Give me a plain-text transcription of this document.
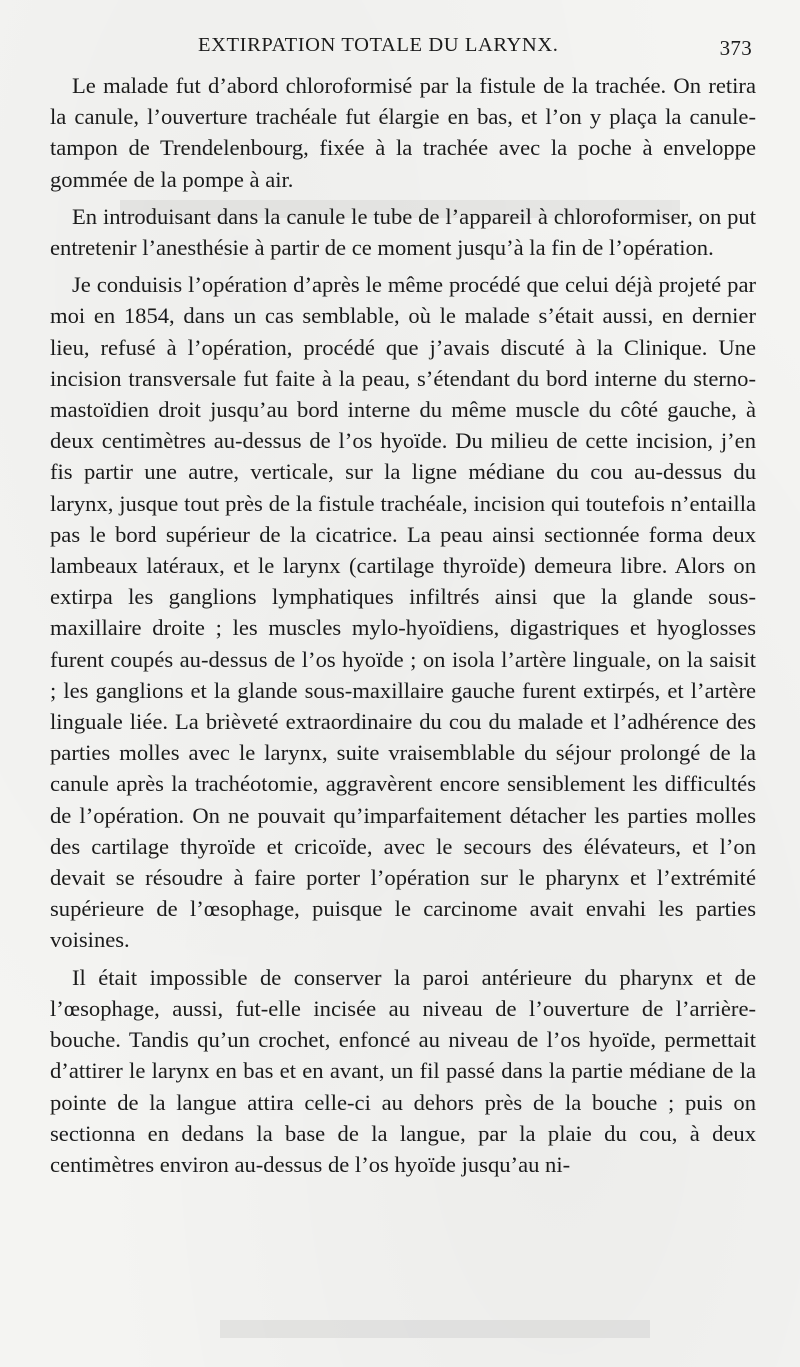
EXTIRPATION TOTALE DU LARYNX.	373

Le malade fut d’abord chloroformisé par la fistule de la trachée. On retira la canule, l’ouverture trachéale fut élargie en bas, et l’on y plaça la canule-tampon de Trendelenbourg, fixée à la trachée avec la poche à enveloppe gommée de la pompe à air.

En introduisant dans la canule le tube de l’appareil à chloroformiser, on put entretenir l’anesthésie à partir de ce moment jusqu’à la fin de l’opération.

Je conduisis l’opération d’après le même procédé que celui déjà projeté par moi en 1854, dans un cas semblable, où le malade s’était aussi, en dernier lieu, refusé à l’opération, procédé que j’avais discuté à la Clinique. Une incision transversale fut faite à la peau, s’étendant du bord interne du sterno-mastoïdien droit jusqu’au bord interne du même muscle du côté gauche, à deux centimètres au-dessus de l’os hyoïde. Du milieu de cette incision, j’en fis partir une autre, verticale, sur la ligne médiane du cou au-dessus du larynx, jusque tout près de la fistule trachéale, incision qui toutefois n’entailla pas le bord supérieur de la cicatrice. La peau ainsi sectionnée forma deux lambeaux latéraux, et le larynx (cartilage thyroïde) demeura libre. Alors on extirpa les ganglions lymphatiques infiltrés ainsi que la glande sous-maxillaire droite ; les muscles mylo-hyoïdiens, digastriques et hyoglosses furent coupés au-dessus de l’os hyoïde ; on isola l’artère linguale, on la saisit ; les ganglions et la glande sous-maxillaire gauche furent extirpés, et l’artère linguale liée. La brièveté extraordinaire du cou du malade et l’adhérence des parties molles avec le larynx, suite vraisemblable du séjour prolongé de la canule après la trachéotomie, aggravèrent encore sensiblement les difficultés de l’opération. On ne pouvait qu’imparfaitement détacher les parties molles des cartilage thyroïde et cricoïde, avec le secours des élévateurs, et l’on devait se résoudre à faire porter l’opération sur le pharynx et l’extrémité supérieure de l’œsophage, puisque le carcinome avait envahi les parties voisines.

Il était impossible de conserver la paroi antérieure du pharynx et de l’œsophage, aussi, fut-elle incisée au niveau de l’ouverture de l’arrière-bouche. Tandis qu’un crochet, enfoncé au niveau de l’os hyoïde, permettait d’attirer le larynx en bas et en avant, un fil passé dans la partie médiane de la pointe de la langue attira celle-ci au dehors près de la bouche ; puis on sectionna en dedans la base de la langue, par la plaie du cou, à deux centimètres environ au-dessus de l’os hyoïde jusqu’au ni-
